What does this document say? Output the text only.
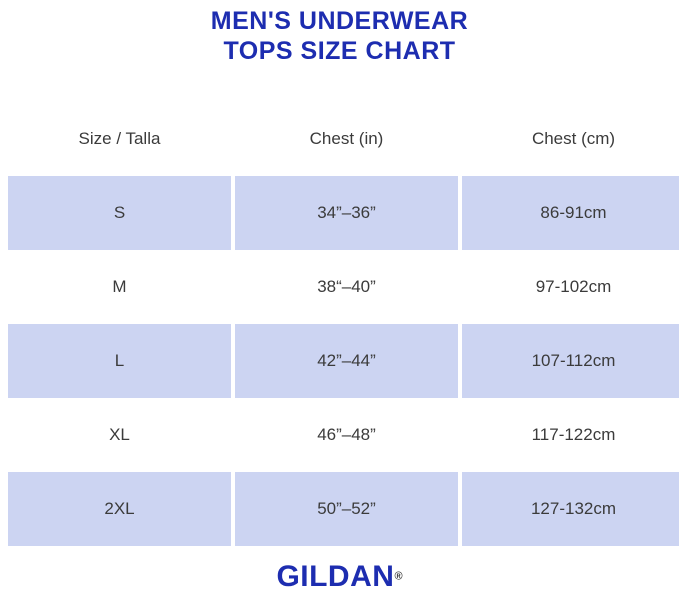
MEN'S UNDERWEAR
TOPS SIZE CHART
Size / Talla	Chest (in)	Chest (cm)
S	34”–36”	86-91cm
M	38“–40”	97-102cm
L	42”–44”	107-112cm
XL	46”–48”	117-122cm
2XL	50”–52”	127-132cm
GILDAN®
